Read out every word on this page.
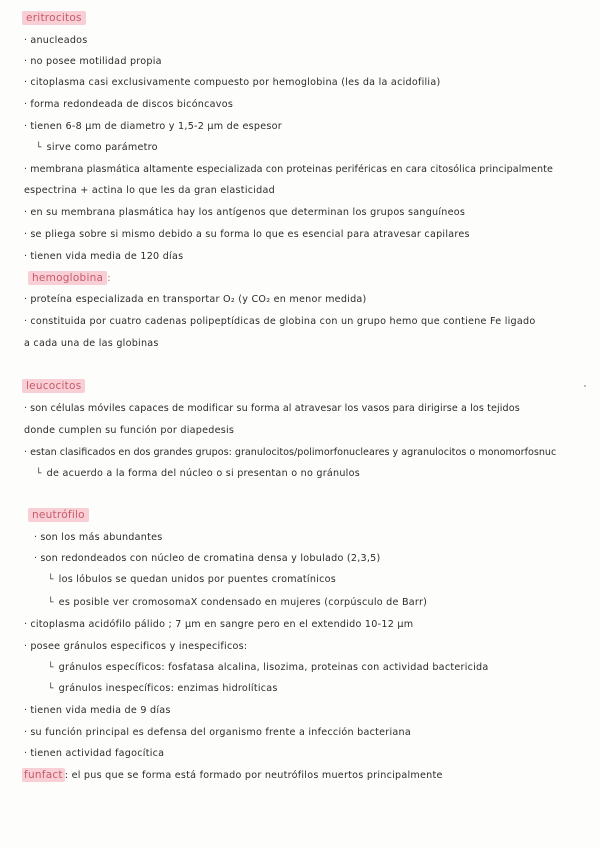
eritrocitos
· anucleados
· no posee motilidad propia
· citoplasma casi exclusivamente compuesto por hemoglobina (les da la acidofilia)
· forma redondeada de discos bicóncavos
· tienen 6-8 µm de diametro y 1,5-2 µm de espesor
└ sirve como parámetro
· membrana plasmática altamente especializada con proteinas periféricas en cara citosólica principalmente
espectrina + actina lo que les da gran elasticidad
· en su membrana plasmática hay los antígenos que determinan los grupos sanguíneos
· se pliega sobre si mismo debido a su forma lo que es esencial para atravesar capilares
· tienen vida media de 120 días
hemoglobina :
· proteína especializada en transportar O₂ (y CO₂ en menor medida)
· constituida por cuatro cadenas polipeptídicas de globina con un grupo hemo que contiene Fe ligado
a cada una de las globinas
leucocitos
· son células móviles capaces de modificar su forma al atravesar los vasos para dirigirse a los tejidos
donde cumplen su función por diapedesis
· estan clasificados en dos grandes grupos: granulocitos/polimorfonucleares y agranulocitos o monomorfosnuc
└ de acuerdo a la forma del núcleo o si presentan o no gránulos
neutrófilo
· son los más abundantes
· son redondeados con núcleo de cromatina densa y lobulado (2,3,5)
└ los lóbulos se quedan unidos por puentes cromatínicos
└ es posible ver cromosomaX condensado en mujeres (corpúsculo de Barr)
· citoplasma acidófilo pálido ; 7 µm en sangre pero en el extendido 10-12 µm
· posee gránulos especificos y inespecificos:
└ gránulos específicos: fosfatasa alcalina, lisozima, proteinas con actividad bactericida
└ gránulos inespecíficos: enzimas hidrolíticas
· tienen vida media de 9 días
· su función principal es defensa del organismo frente a infección bacteriana
· tienen actividad fagocítica
funfact : el pus que se forma está formado por neutrófilos muertos principalmente
